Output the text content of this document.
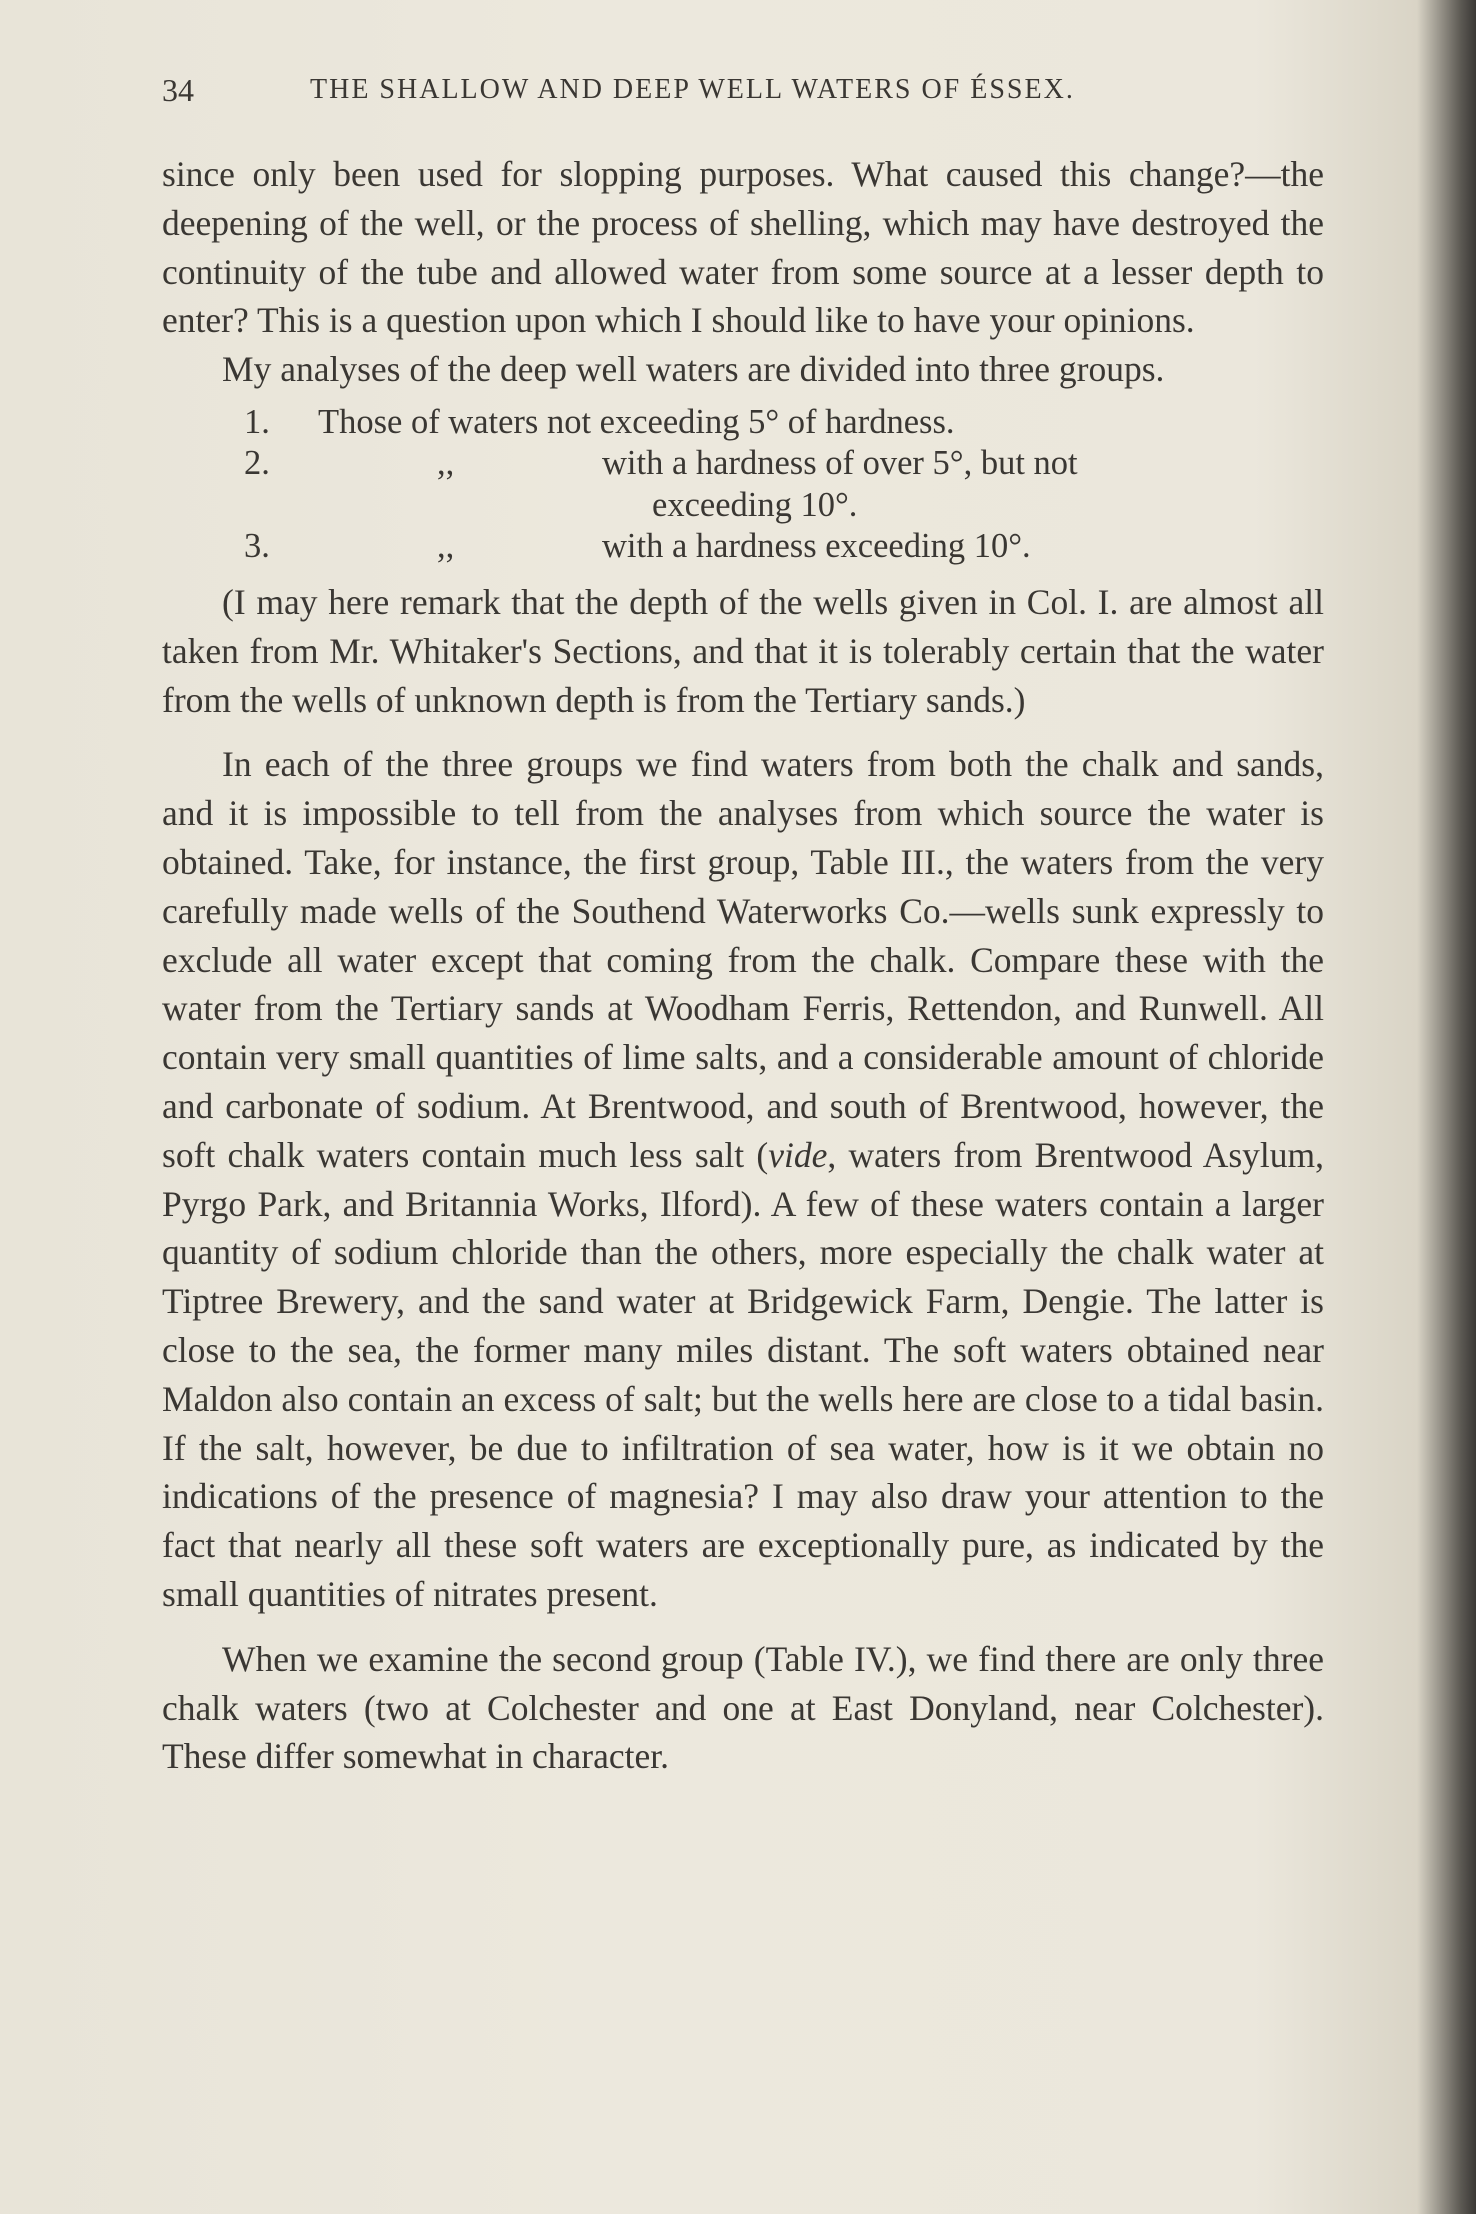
34	THE SHALLOW AND DEEP WELL WATERS OF ÉSSEX.

since only been used for slopping purposes. What caused this change?—the deepening of the well, or the process of shelling, which may have destroyed the continuity of the tube and allowed water from some source at a lesser depth to enter? This is a question upon which I should like to have your opinions.

My analyses of the deep well waters are divided into three groups.

1. Those of waters not exceeding 5° of hardness.
2.	,,	with a hardness of over 5°, but not
exceeding 10°.
3.	,,	with a hardness exceeding 10°.

(I may here remark that the depth of the wells given in Col. I. are almost all taken from Mr. Whitaker's Sections, and that it is tolerably certain that the water from the wells of unknown depth is from the Tertiary sands.)

In each of the three groups we find waters from both the chalk and sands, and it is impossible to tell from the analyses from which source the water is obtained. Take, for instance, the first group, Table III., the waters from the very carefully made wells of the Southend Waterworks Co.—wells sunk expressly to exclude all water except that coming from the chalk. Compare these with the water from the Tertiary sands at Woodham Ferris, Rettendon, and Runwell. All contain very small quantities of lime salts, and a considerable amount of chloride and carbonate of sodium. At Brentwood, and south of Brentwood, however, the soft chalk waters contain much less salt (vide, waters from Brentwood Asylum, Pyrgo Park, and Britannia Works, Ilford). A few of these waters contain a larger quantity of sodium chloride than the others, more especially the chalk water at Tiptree Brewery, and the sand water at Bridgewick Farm, Dengie. The latter is close to the sea, the former many miles distant. The soft waters obtained near Maldon also contain an excess of salt; but the wells here are close to a tidal basin. If the salt, however, be due to infiltration of sea water, how is it we obtain no indications of the presence of magnesia? I may also draw your attention to the fact that nearly all these soft waters are exceptionally pure, as indicated by the small quantities of nitrates present.

When we examine the second group (Table IV.), we find there are only three chalk waters (two at Colchester and one at East Donyland, near Colchester). These differ somewhat in character.
